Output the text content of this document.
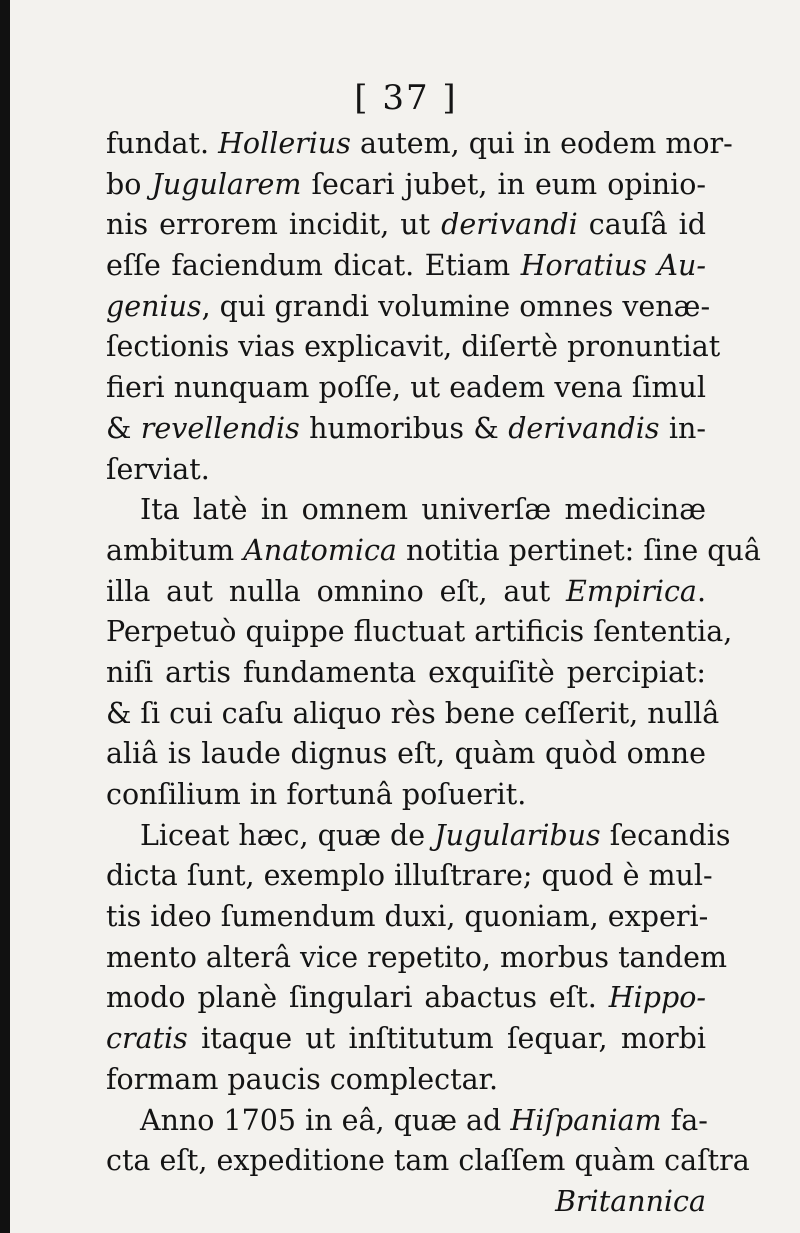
[ 37 ]
fundat. Hollerius autem, qui in eodem mor-
bo Jugularem ſecari jubet, in eum opinio-
nis errorem incidit, ut derivandi cauſâ id
eſſe faciendum dicat. Etiam Horatius Au-
genius, qui grandi volumine omnes venæ-
ſectionis vias explicavit, diſertè pronuntiat
fieri nunquam poſſe, ut eadem vena ſimul
& revellendis humoribus & derivandis in-
ſerviat.
Ita latè in omnem univerſæ medicinæ
ambitum Anatomica notitia pertinet: ſine quâ
illa aut nulla omnino eſt, aut Empirica.
Perpetuò quippe fluctuat artificis ſententia,
niſi artis fundamenta exquiſitè percipiat:
& ſi cui caſu aliquo rès bene ceſſerit, nullâ
aliâ is laude dignus eſt, quàm quòd omne
conſilium in fortunâ poſuerit.
Liceat hæc, quæ de Jugularibus ſecandis
dicta ſunt, exemplo illuſtrare; quod è mul-
tis ideo ſumendum duxi, quoniam, experi-
mento alterâ vice repetito, morbus tandem
modo planè ſingulari abactus eſt. Hippo-
cratis itaque ut inſtitutum ſequar, morbi
formam paucis complectar.
Anno 1705 in eâ, quæ ad Hiſpaniam fa-
cta eſt, expeditione tam claſſem quàm caſtra
Britannica
